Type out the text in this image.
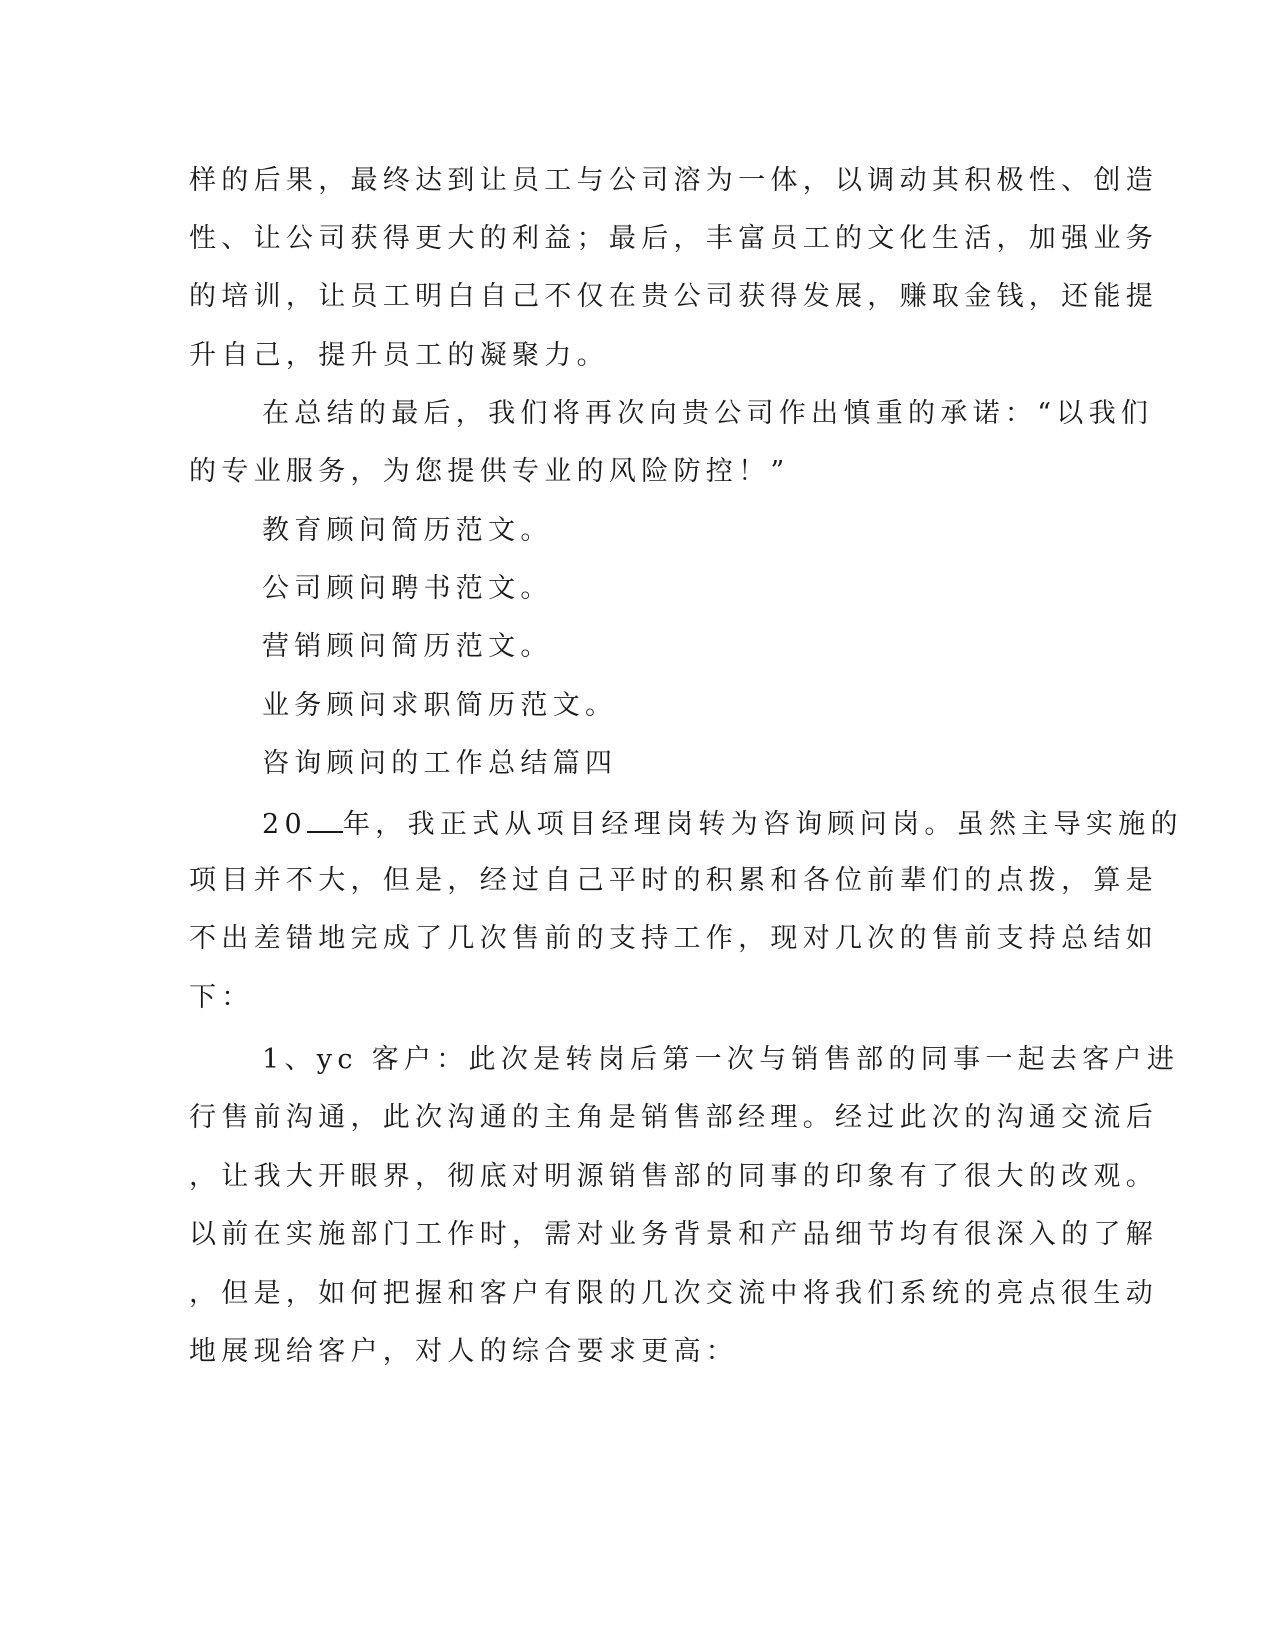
样的后果，最终达到让员工与公司溶为一体，以调动其积极性、创造
性、让公司获得更大的利益；最后，丰富员工的文化生活，加强业务
的培训，让员工明白自己不仅在贵公司获得发展，赚取金钱，还能提
升自己，提升员工的凝聚力。
在总结的最后，我们将再次向贵公司作出慎重的承诺：“以我们
的专业服务，为您提供专业的风险防控！”
教育顾问简历范文。
公司顾问聘书范文。
营销顾问简历范文。
业务顾问求职简历范文。
咨询顾问的工作总结篇四
20 年，我正式从项目经理岗转为咨询顾问岗。虽然主导实施的
项目并不大，但是，经过自己平时的积累和各位前辈们的点拨，算是
不出差错地完成了几次售前的支持工作，现对几次的售前支持总结如
下：
1、yc 客户：此次是转岗后第一次与销售部的同事一起去客户进
行售前沟通，此次沟通的主角是销售部经理。经过此次的沟通交流后
，让我大开眼界，彻底对明源销售部的同事的印象有了很大的改观。
以前在实施部门工作时，需对业务背景和产品细节均有很深入的了解
，但是，如何把握和客户有限的几次交流中将我们系统的亮点很生动
地展现给客户，对人的综合要求更高：
